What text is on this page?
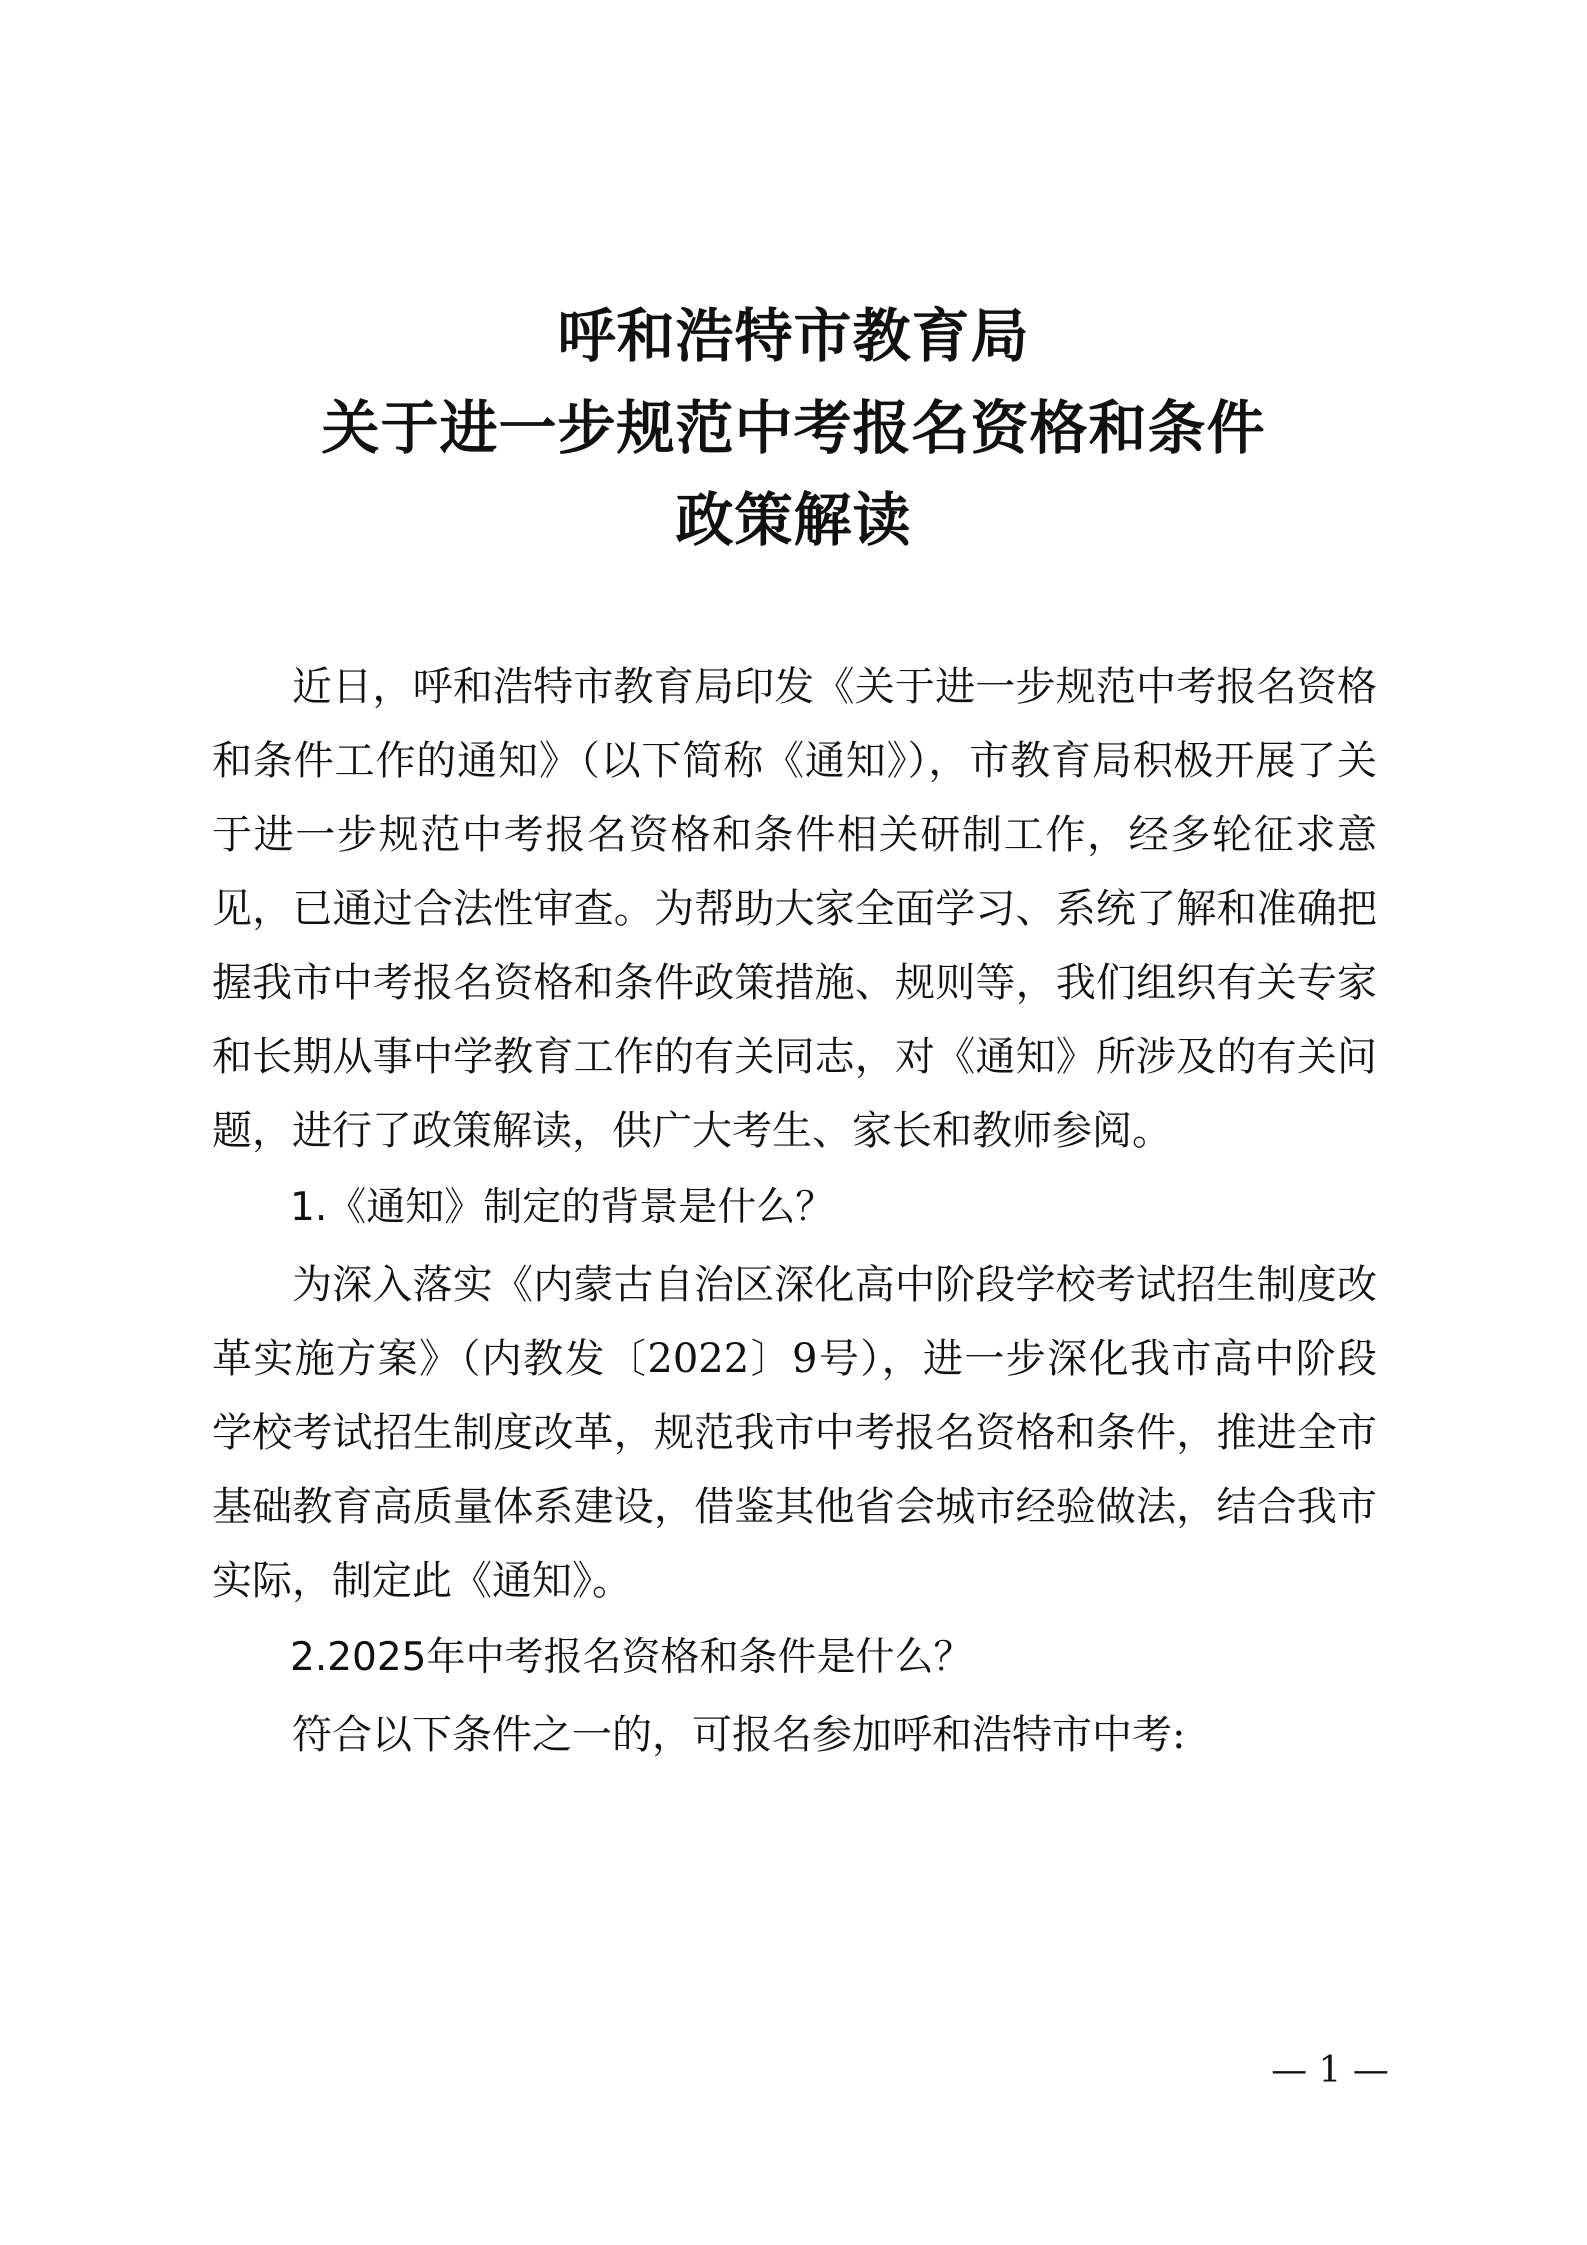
呼和浩特市教育局
关于进一步规范中考报名资格和条件
政策解读

近日，呼和浩特市教育局印发《关于进一步规范中考报名资格和条件工作的通知》（以下简称《通知》），市教育局积极开展了关于进一步规范中考报名资格和条件相关研制工作，经多轮征求意见，已通过合法性审查。为帮助大家全面学习、系统了解和准确把握我市中考报名资格和条件政策措施、规则等，我们组织有关专家和长期从事中学教育工作的有关同志，对《通知》所涉及的有关问题，进行了政策解读，供广大考生、家长和教师参阅。

1.《通知》制定的背景是什么？

为深入落实《内蒙古自治区深化高中阶段学校考试招生制度改革实施方案》（内教发〔2022〕9号），进一步深化我市高中阶段学校考试招生制度改革，规范我市中考报名资格和条件，推进全市基础教育高质量体系建设，借鉴其他省会城市经验做法，结合我市实际，制定此《通知》。

2.2025年中考报名资格和条件是什么？

符合以下条件之一的，可报名参加呼和浩特市中考:

— 1 —
